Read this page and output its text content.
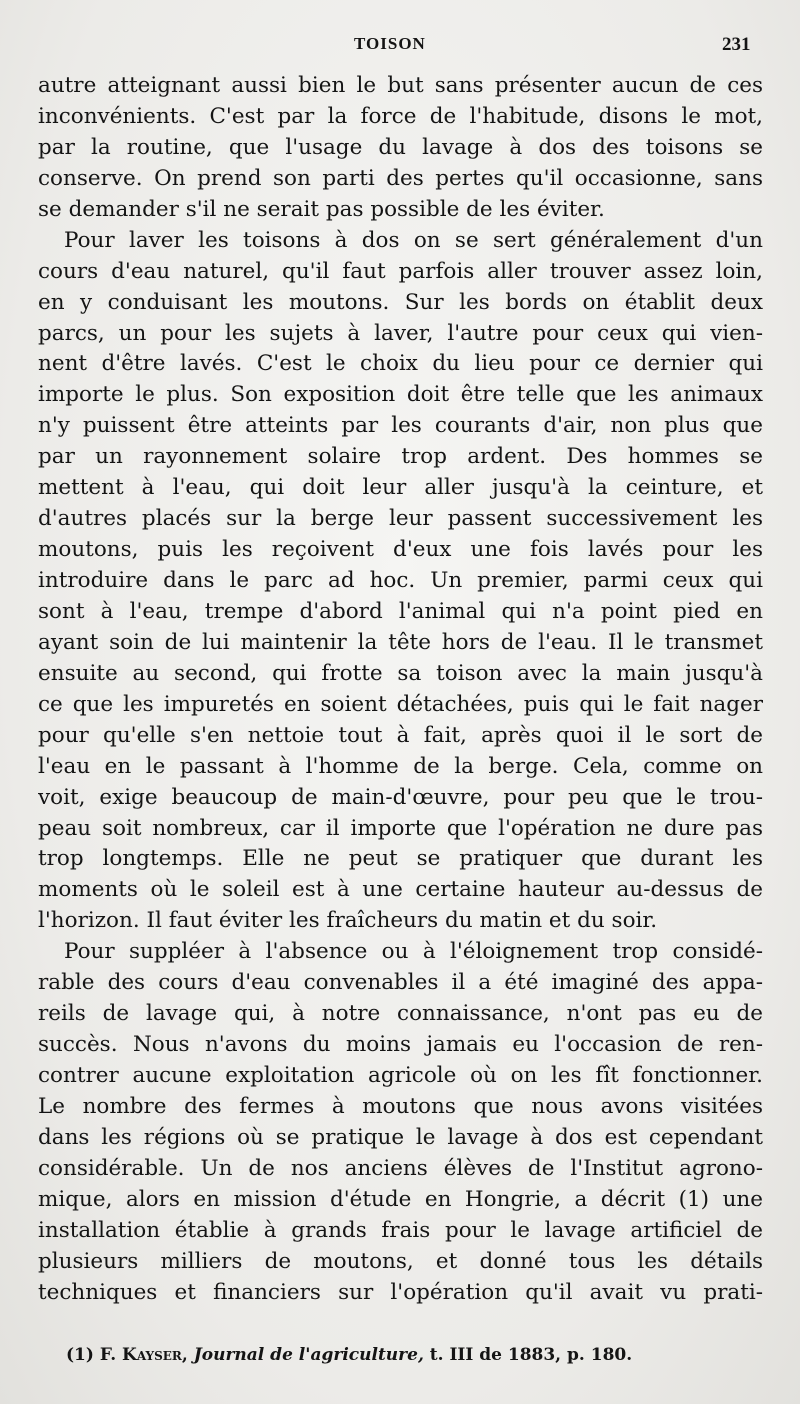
TOISON	231
autre atteignant aussi bien le but sans présenter aucun de ces
inconvénients. C'est par la force de l'habitude, disons le mot,
par la routine, que l'usage du lavage à dos des toisons se
conserve. On prend son parti des pertes qu'il occasionne, sans
se demander s'il ne serait pas possible de les éviter.
Pour laver les toisons à dos on se sert généralement d'un
cours d'eau naturel, qu'il faut parfois aller trouver assez loin,
en y conduisant les moutons. Sur les bords on établit deux
parcs, un pour les sujets à laver, l'autre pour ceux qui vien-
nent d'être lavés. C'est le choix du lieu pour ce dernier qui
importe le plus. Son exposition doit être telle que les animaux
n'y puissent être atteints par les courants d'air, non plus que
par un rayonnement solaire trop ardent. Des hommes se
mettent à l'eau, qui doit leur aller jusqu'à la ceinture, et
d'autres placés sur la berge leur passent successivement les
moutons, puis les reçoivent d'eux une fois lavés pour les
introduire dans le parc ad hoc. Un premier, parmi ceux qui
sont à l'eau, trempe d'abord l'animal qui n'a point pied en
ayant soin de lui maintenir la tête hors de l'eau. Il le transmet
ensuite au second, qui frotte sa toison avec la main jusqu'à
ce que les impuretés en soient détachées, puis qui le fait nager
pour qu'elle s'en nettoie tout à fait, après quoi il le sort de
l'eau en le passant à l'homme de la berge. Cela, comme on
voit, exige beaucoup de main-d'œuvre, pour peu que le trou-
peau soit nombreux, car il importe que l'opération ne dure pas
trop longtemps. Elle ne peut se pratiquer que durant les
moments où le soleil est à une certaine hauteur au-dessus de
l'horizon. Il faut éviter les fraîcheurs du matin et du soir.
Pour suppléer à l'absence ou à l'éloignement trop considé-
rable des cours d'eau convenables il a été imaginé des appa-
reils de lavage qui, à notre connaissance, n'ont pas eu de
succès. Nous n'avons du moins jamais eu l'occasion de ren-
contrer aucune exploitation agricole où on les fît fonctionner.
Le nombre des fermes à moutons que nous avons visitées
dans les régions où se pratique le lavage à dos est cependant
considérable. Un de nos anciens élèves de l'Institut agrono-
mique, alors en mission d'étude en Hongrie, a décrit (1) une
installation établie à grands frais pour le lavage artificiel de
plusieurs milliers de moutons, et donné tous les détails
techniques et financiers sur l'opération qu'il avait vu prati-
(1) F. Kayser, Journal de l'agriculture, t. III de 1883, p. 180.
